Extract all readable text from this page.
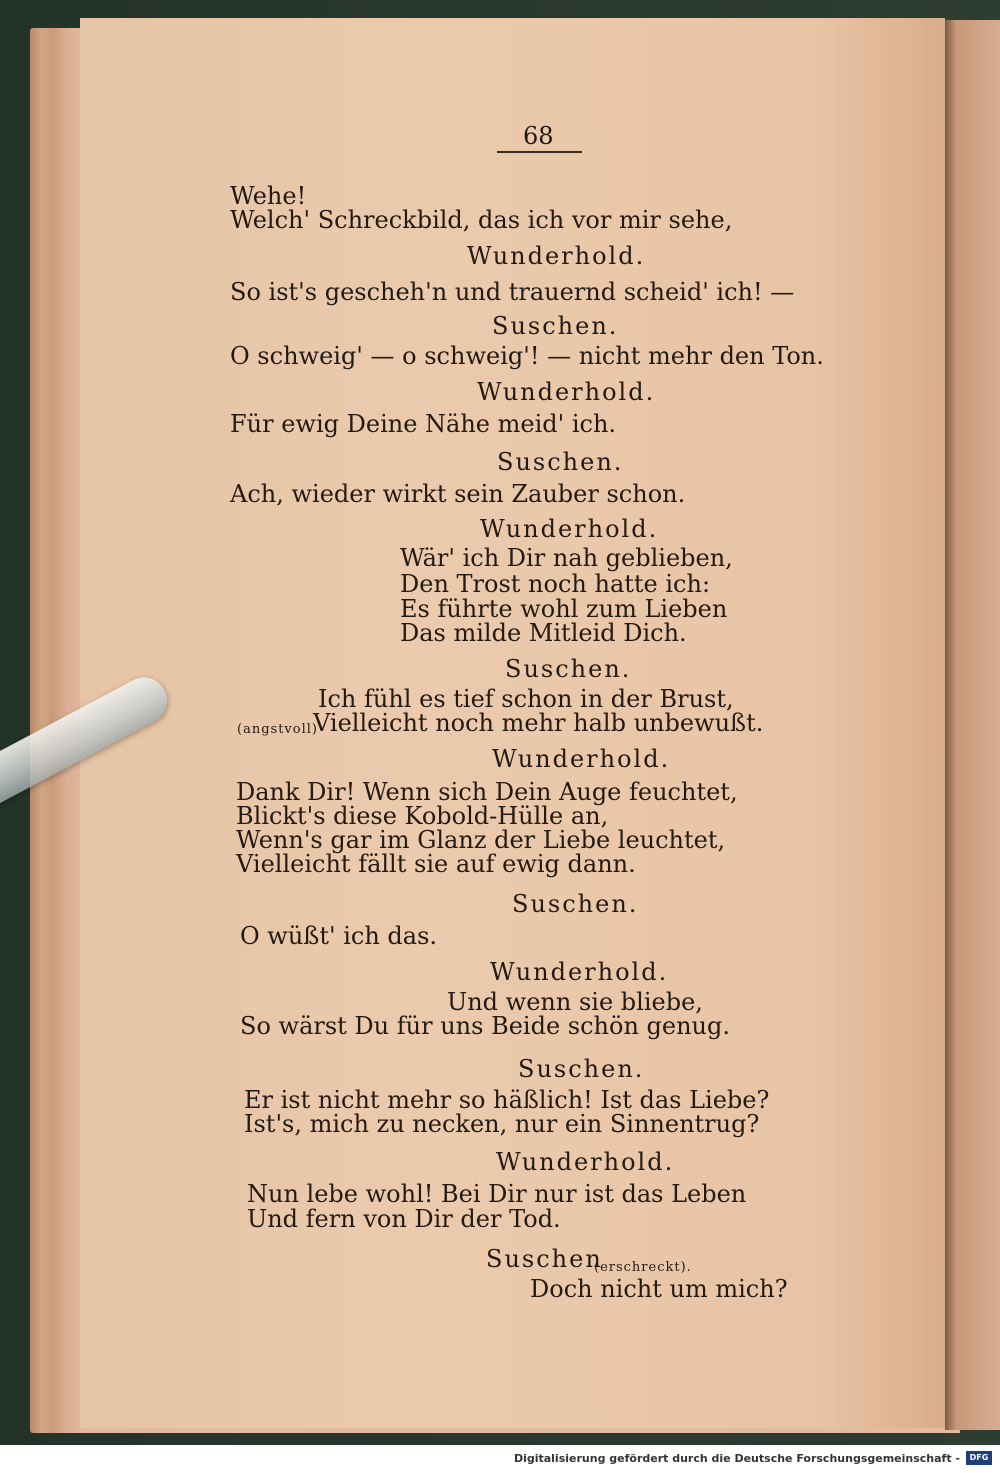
68
Wehe!
Welch' Schreckbild, das ich vor mir sehe,
Wunderhold.
So ist's gescheh'n und trauernd scheid' ich! —
Suschen.
O schweig' — o schweig'! — nicht mehr den Ton.
Wunderhold.
Für ewig Deine Nähe meid' ich.
Suschen.
Ach, wieder wirkt sein Zauber schon.
Wunderhold.
Wär' ich Dir nah geblieben,
Den Trost noch hatte ich:
Es führte wohl zum Lieben
Das milde Mitleid Dich.
Suschen.
Ich fühl es tief schon in der Brust,
(angstvoll)
Vielleicht noch mehr halb unbewußt.
Wunderhold.
Dank Dir! Wenn sich Dein Auge feuchtet,
Blickt's diese Kobold-Hülle an,
Wenn's gar im Glanz der Liebe leuchtet,
Vielleicht fällt sie auf ewig dann.
Suschen.
O wüßt' ich das.
Wunderhold.
Und wenn sie bliebe,
So wärst Du für uns Beide schön genug.
Suschen.
Er ist nicht mehr so häßlich! Ist das Liebe?
Ist's, mich zu necken, nur ein Sinnentrug?
Wunderhold.
Nun lebe wohl! Bei Dir nur ist das Leben
Und fern von Dir der Tod.
Suschen
(erschreckt).
Doch nicht um mich?
Digitalisierung gefördert durch die Deutsche Forschungsgemeinschaft -	DFG
